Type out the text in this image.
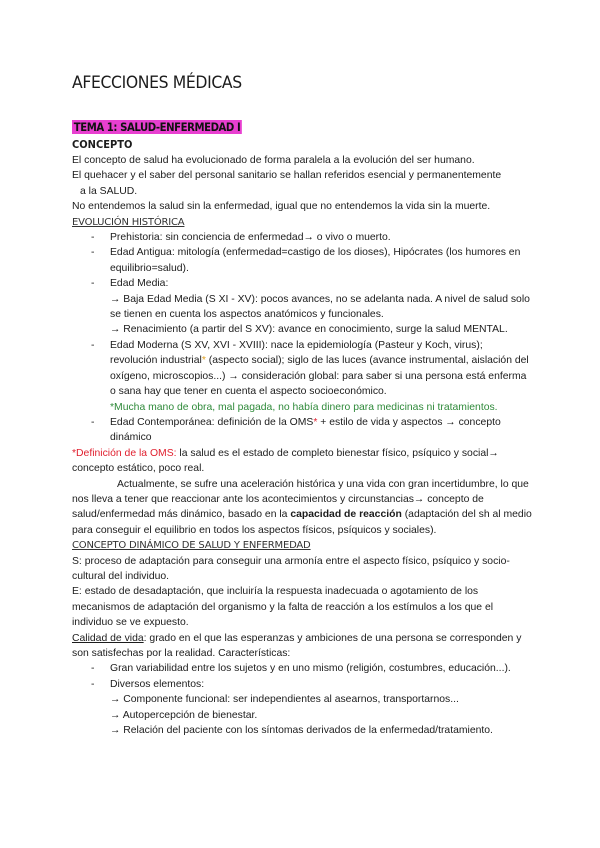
AFECCIONES MÉDICAS
TEMA 1: SALUD-ENFERMEDAD I
CONCEPTO

El concepto de salud ha evolucionado de forma paralela a la evolución del ser humano.

El quehacer y el saber del personal sanitario se hallan referidos esencial y permanentemente

a la SALUD.

No entendemos la salud sin la enfermedad, igual que no entendemos la vida sin la muerte.

EVOLUCIÓN HISTÓRICA

- Prehistoria: sin conciencia de enfermedad→ o vivo o muerto.
- Edad Antigua: mitología (enfermedad=castigo de los dioses), Hipócrates (los humores en equilibrio=salud).
- Edad Media:
→ Baja Edad Media (S XI - XV): pocos avances, no se adelanta nada. A nivel de salud solo se tienen en cuenta los aspectos anatómicos y funcionales.
→ Renacimiento (a partir del S XV): avance en conocimiento, surge la salud MENTAL.
- Edad Moderna (S XV, XVI - XVIII): nace la epidemiología (Pasteur y Koch, virus); revolución industrial* (aspecto social); siglo de las luces (avance instrumental, aislación del oxígeno, microscopios...) → consideración global: para saber si una persona está enferma o sana hay que tener en cuenta el aspecto socioeconómico.
*Mucha mano de obra, mal pagada, no había dinero para medicinas ni tratamientos.
- Edad Contemporánea: definición de la OMS* + estilo de vida y aspectos → concepto dinámico

*Definición de la OMS: la salud es el estado de completo bienestar físico, psíquico y social→ concepto estático, poco real.

Actualmente, se sufre una aceleración histórica y una vida con gran incertidumbre, lo que nos lleva a tener que reaccionar ante los acontecimientos y circunstancias→ concepto de salud/enfermedad más dinámico, basado en la capacidad de reacción (adaptación del sh al medio para conseguir el equilibrio en todos los aspectos físicos, psíquicos y sociales).

CONCEPTO DINÁMICO DE SALUD Y ENFERMEDAD

S: proceso de adaptación para conseguir una armonía entre el aspecto físico, psíquico y socio-cultural del individuo.

E: estado de desadaptación, que incluiría la respuesta inadecuada o agotamiento de los mecanismos de adaptación del organismo y la falta de reacción a los estímulos a los que el individuo se ve expuesto.

Calidad de vida: grado en el que las esperanzas y ambiciones de una persona se corresponden y son satisfechas por la realidad. Características:

- Gran variabilidad entre los sujetos y en uno mismo (religión, costumbres, educación...).
- Diversos elementos:
→ Componente funcional: ser independientes al asearnos, transportarnos...
→ Autopercepción de bienestar.
→ Relación del paciente con los síntomas derivados de la enfermedad/tratamiento.
